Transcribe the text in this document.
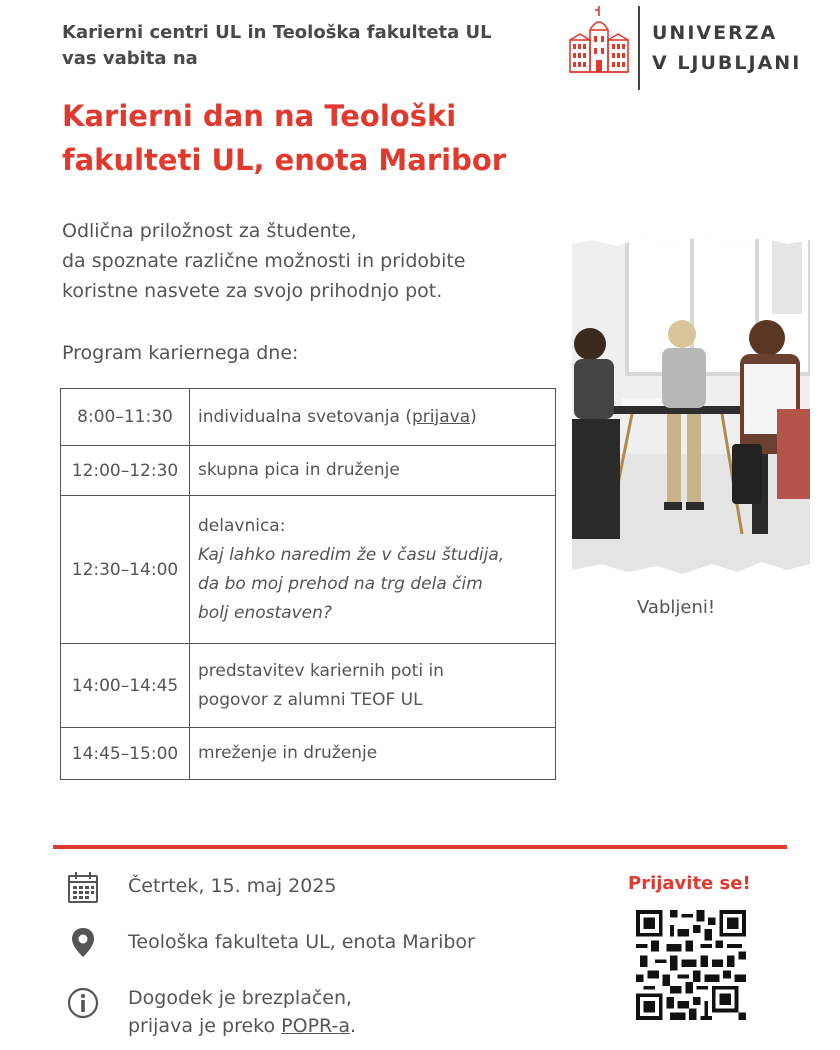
Karierni centri UL in Teološka fakulteta UL
vas vabita na
Karierni dan na Teološki
fakulteti UL, enota Maribor
UNIVERZA
V LJUBLJANI
Odlična priložnost za študente,
da spoznate različne možnosti in pridobite
koristne nasvete za svojo prihodnjo pot.
Program kariernega dne:
8:00–11:30	individualna svetovanja (prijava)
12:00–12:30	skupna pica in druženje
12:30–14:00	delavnica:
Kaj lahko naredim že v času študija,
da bo moj prehod na trg dela čim
bolj enostaven?

14:00–14:45	predstavitev kariernih poti in
pogovor z alumni TEOF UL

14:45–15:00	mreženje in druženje
Vabljeni!
Četrtek, 15. maj 2025
Teološka fakulteta UL, enota Maribor
Dogodek je brezplačen,
prijava je preko POPR-a.
Prijavite se!
